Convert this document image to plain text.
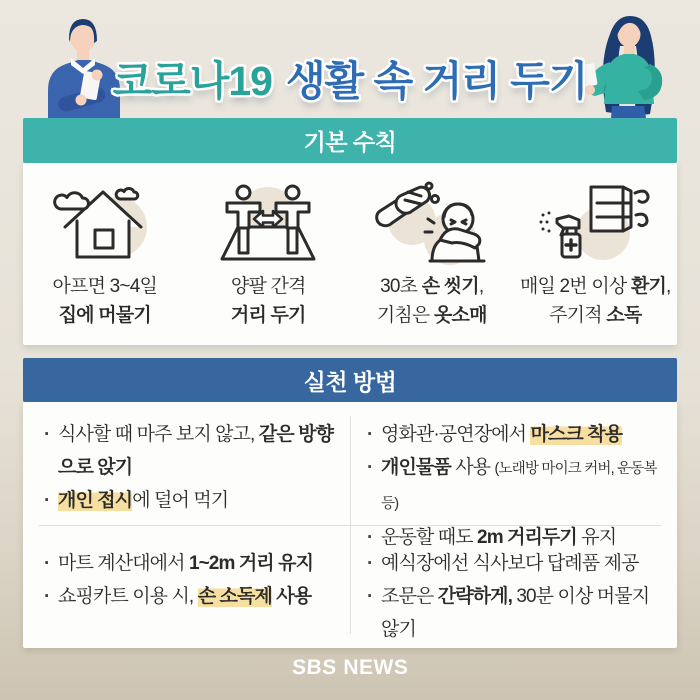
코로나19 생활 속 거리 두기
기본 수칙
아프면 3~4일
집에 머물기
양팔 간격
거리 두기
30초 손 씻기,
기침은 옷소매
매일 2번 이상 환기,
주기적 소독
실천 방법
· 식사할 때 마주 보지 않고, 같은 방향으로 앉기
· 개인 접시에 덜어 먹기
· 영화관·공연장에서 마스크 착용
· 개인물품 사용 (노래방 마이크 커버, 운동복 등)
· 운동할 때도 2m 거리두기 유지
· 마트 계산대에서 1~2m 거리 유지
· 쇼핑카트 이용 시, 손 소독제 사용
· 예식장에선 식사보다 답례품 제공
· 조문은 간략하게, 30분 이상 머물지 않기
SBS NEWS
